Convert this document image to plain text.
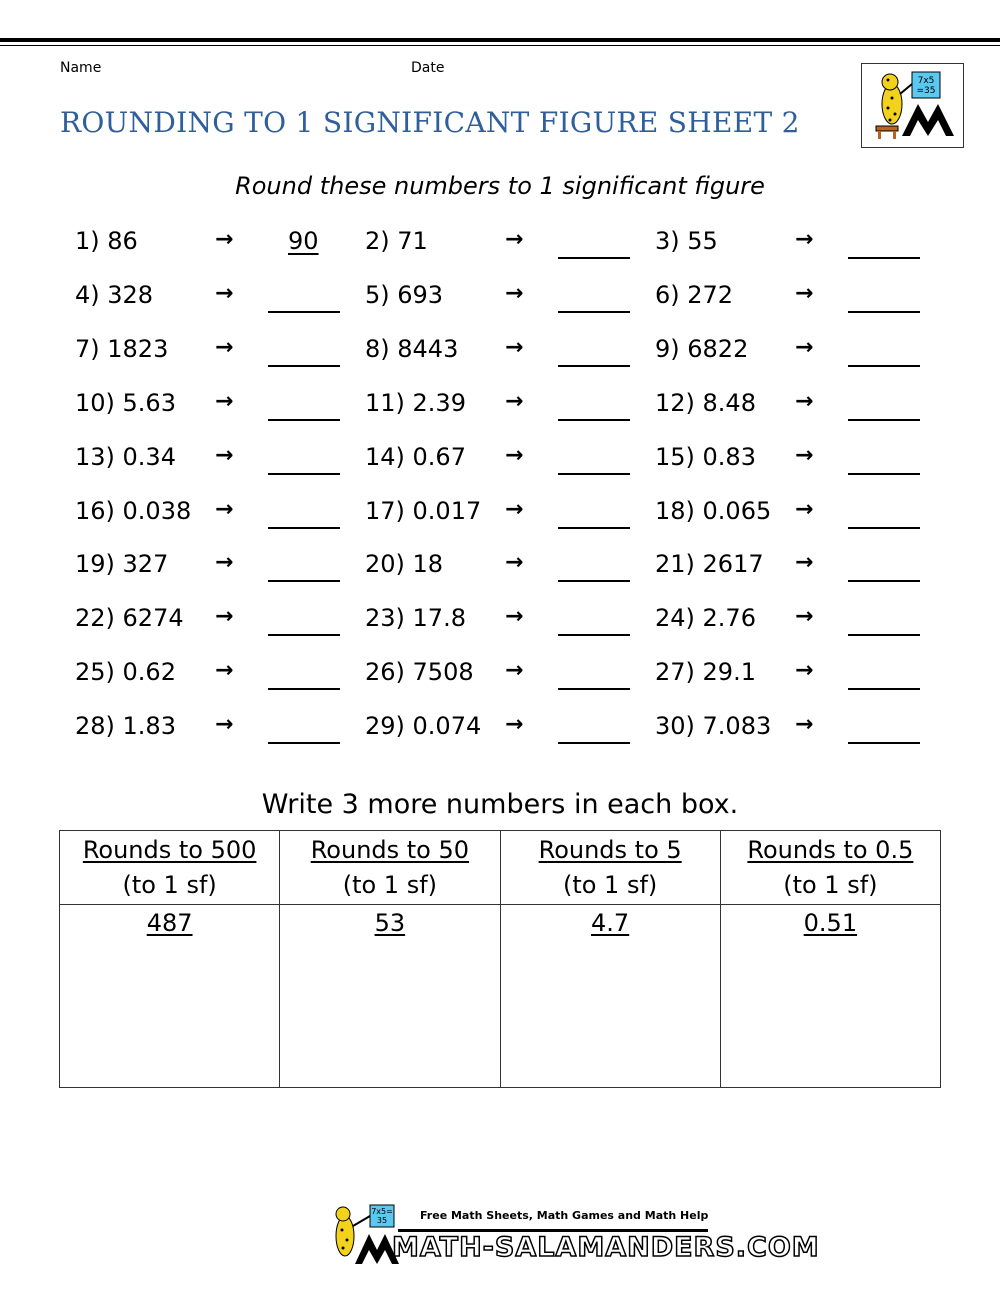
Name	Date
ROUNDING TO 1 SIGNIFICANT FIGURE SHEET 2
7x5
=35
Round these numbers to 1 significant figure
1) 86	→ 90 2) 71	→	3) 55	→
4) 328	→	5) 693	→	6) 272	→
7) 1823 →	8) 8443 →	9) 6822 →
10) 5.63 →	11) 2.39 →	12) 8.48 →
13) 0.34 →	14) 0.67 →	15) 0.83 →
16) 0.038 →	17) 0.017 →	18) 0.065 →
19) 327 →	20) 18	→	21) 2617 →
22) 6274 →	23) 17.8 →	24) 2.76 →
25) 0.62 →	26) 7508 →	27) 29.1 →
28) 1.83 →	29) 0.074 →	30) 7.083 →
Write 3 more numbers in each box.
Rounds to 500
(to 1 sf)	Rounds to 50
(to 1 sf)	Rounds to 5
(to 1 sf)	Rounds to 0.5
(to 1 sf)
487	53	4.7	0.51
7x5=
35	Free Math Sheets, Math Games and Math Help
MATH-SALAMANDERS.COM
